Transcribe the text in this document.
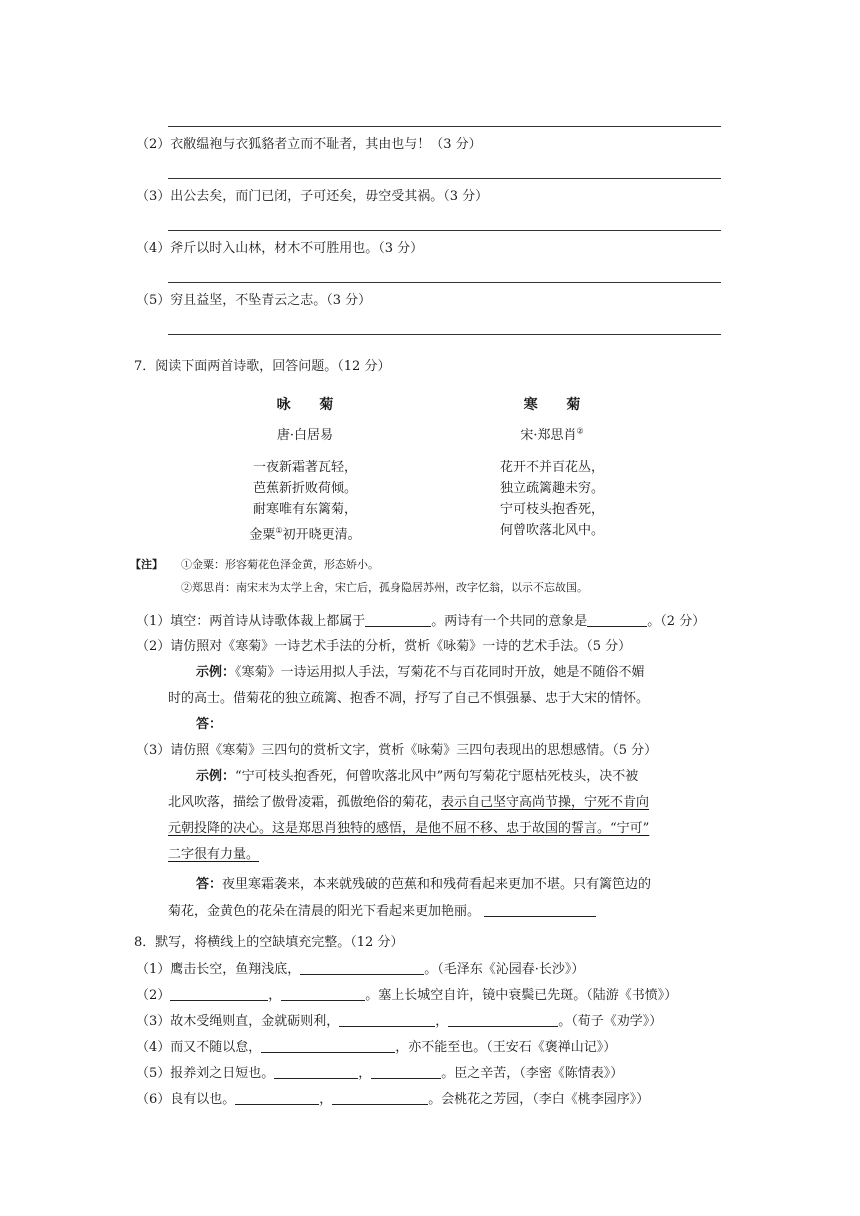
（2）衣敝缊袍与衣狐貉者立而不耻者，其由也与！（3 分）
（3）出公去矣，而门已闭，子可还矣，毋空受其祸。（3 分）
（4）斧斤以时入山林，材木不可胜用也。（3 分）
（5）穷且益坚，不坠青云之志。（3 分）
7．阅读下面两首诗歌，回答问题。（12 分）
咏 菊
唐·白居易
一夜新霜著瓦轻，
芭蕉新折败荷倾。
耐寒唯有东篱菊，
金粟①初开晓更清。
寒 菊
宋·郑思肖②
花开不并百花丛，
独立疏篱趣未穷。
宁可枝头抱香死，
何曾吹落北风中。
【注】 ①金粟：形容菊花色泽金黄，形态娇小。
②郑思肖：南宋末为太学上舍，宋亡后，孤身隐居苏州，改字忆翁，以示不忘故国。
（1）填空：两首诗从诗歌体裁上都属于	。两诗有一个共同的意象是	。（2 分）
（2）请仿照对《寒菊》一诗艺术手法的分析，赏析《咏菊》一诗的艺术手法。（5 分）
示例：《寒菊》一诗运用拟人手法，写菊花不与百花同时开放，她是不随俗不媚
时的高士。借菊花的独立疏篱、抱香不凋，抒写了自己不惧强暴、忠于大宋的情怀。
答：
（3）请仿照《寒菊》三四句的赏析文字，赏析《咏菊》三四句表现出的思想感情。（5 分）
示例：“宁可枝头抱香死，何曾吹落北风中”两句写菊花宁愿枯死枝头，决不被
北风吹落，描绘了傲骨凌霜，孤傲绝俗的菊花，表示自己坚守高尚节操，宁死不肯向
元朝投降的决心。这是郑思肖独特的感悟，是他不屈不移、忠于故国的誓言。“宁可”
二字很有力量。
答：夜里寒霜袭来，本来就残破的芭蕉和和残荷看起来更加不堪。只有篱笆边的
菊花，金黄色的花朵在清晨的阳光下看起来更加艳丽。
8．默写，将横线上的空缺填充完整。（12 分）
（1）鹰击长空，鱼翔浅底，	。（毛泽东《沁园春·长沙》）
（2）	，	。塞上长城空自许，镜中衰鬓已先斑。（陆游《书愤》）
（3）故木受绳则直，金就砺则利，	，	。（荀子《劝学》）
（4）而又不随以怠，	，亦不能至也。（王安石《褒禅山记》）
（5）报养刘之日短也。	，	。臣之辛苦，（李密《陈情表》）
（6）良有以也。	，	。会桃花之芳园，（李白《桃李园序》）
